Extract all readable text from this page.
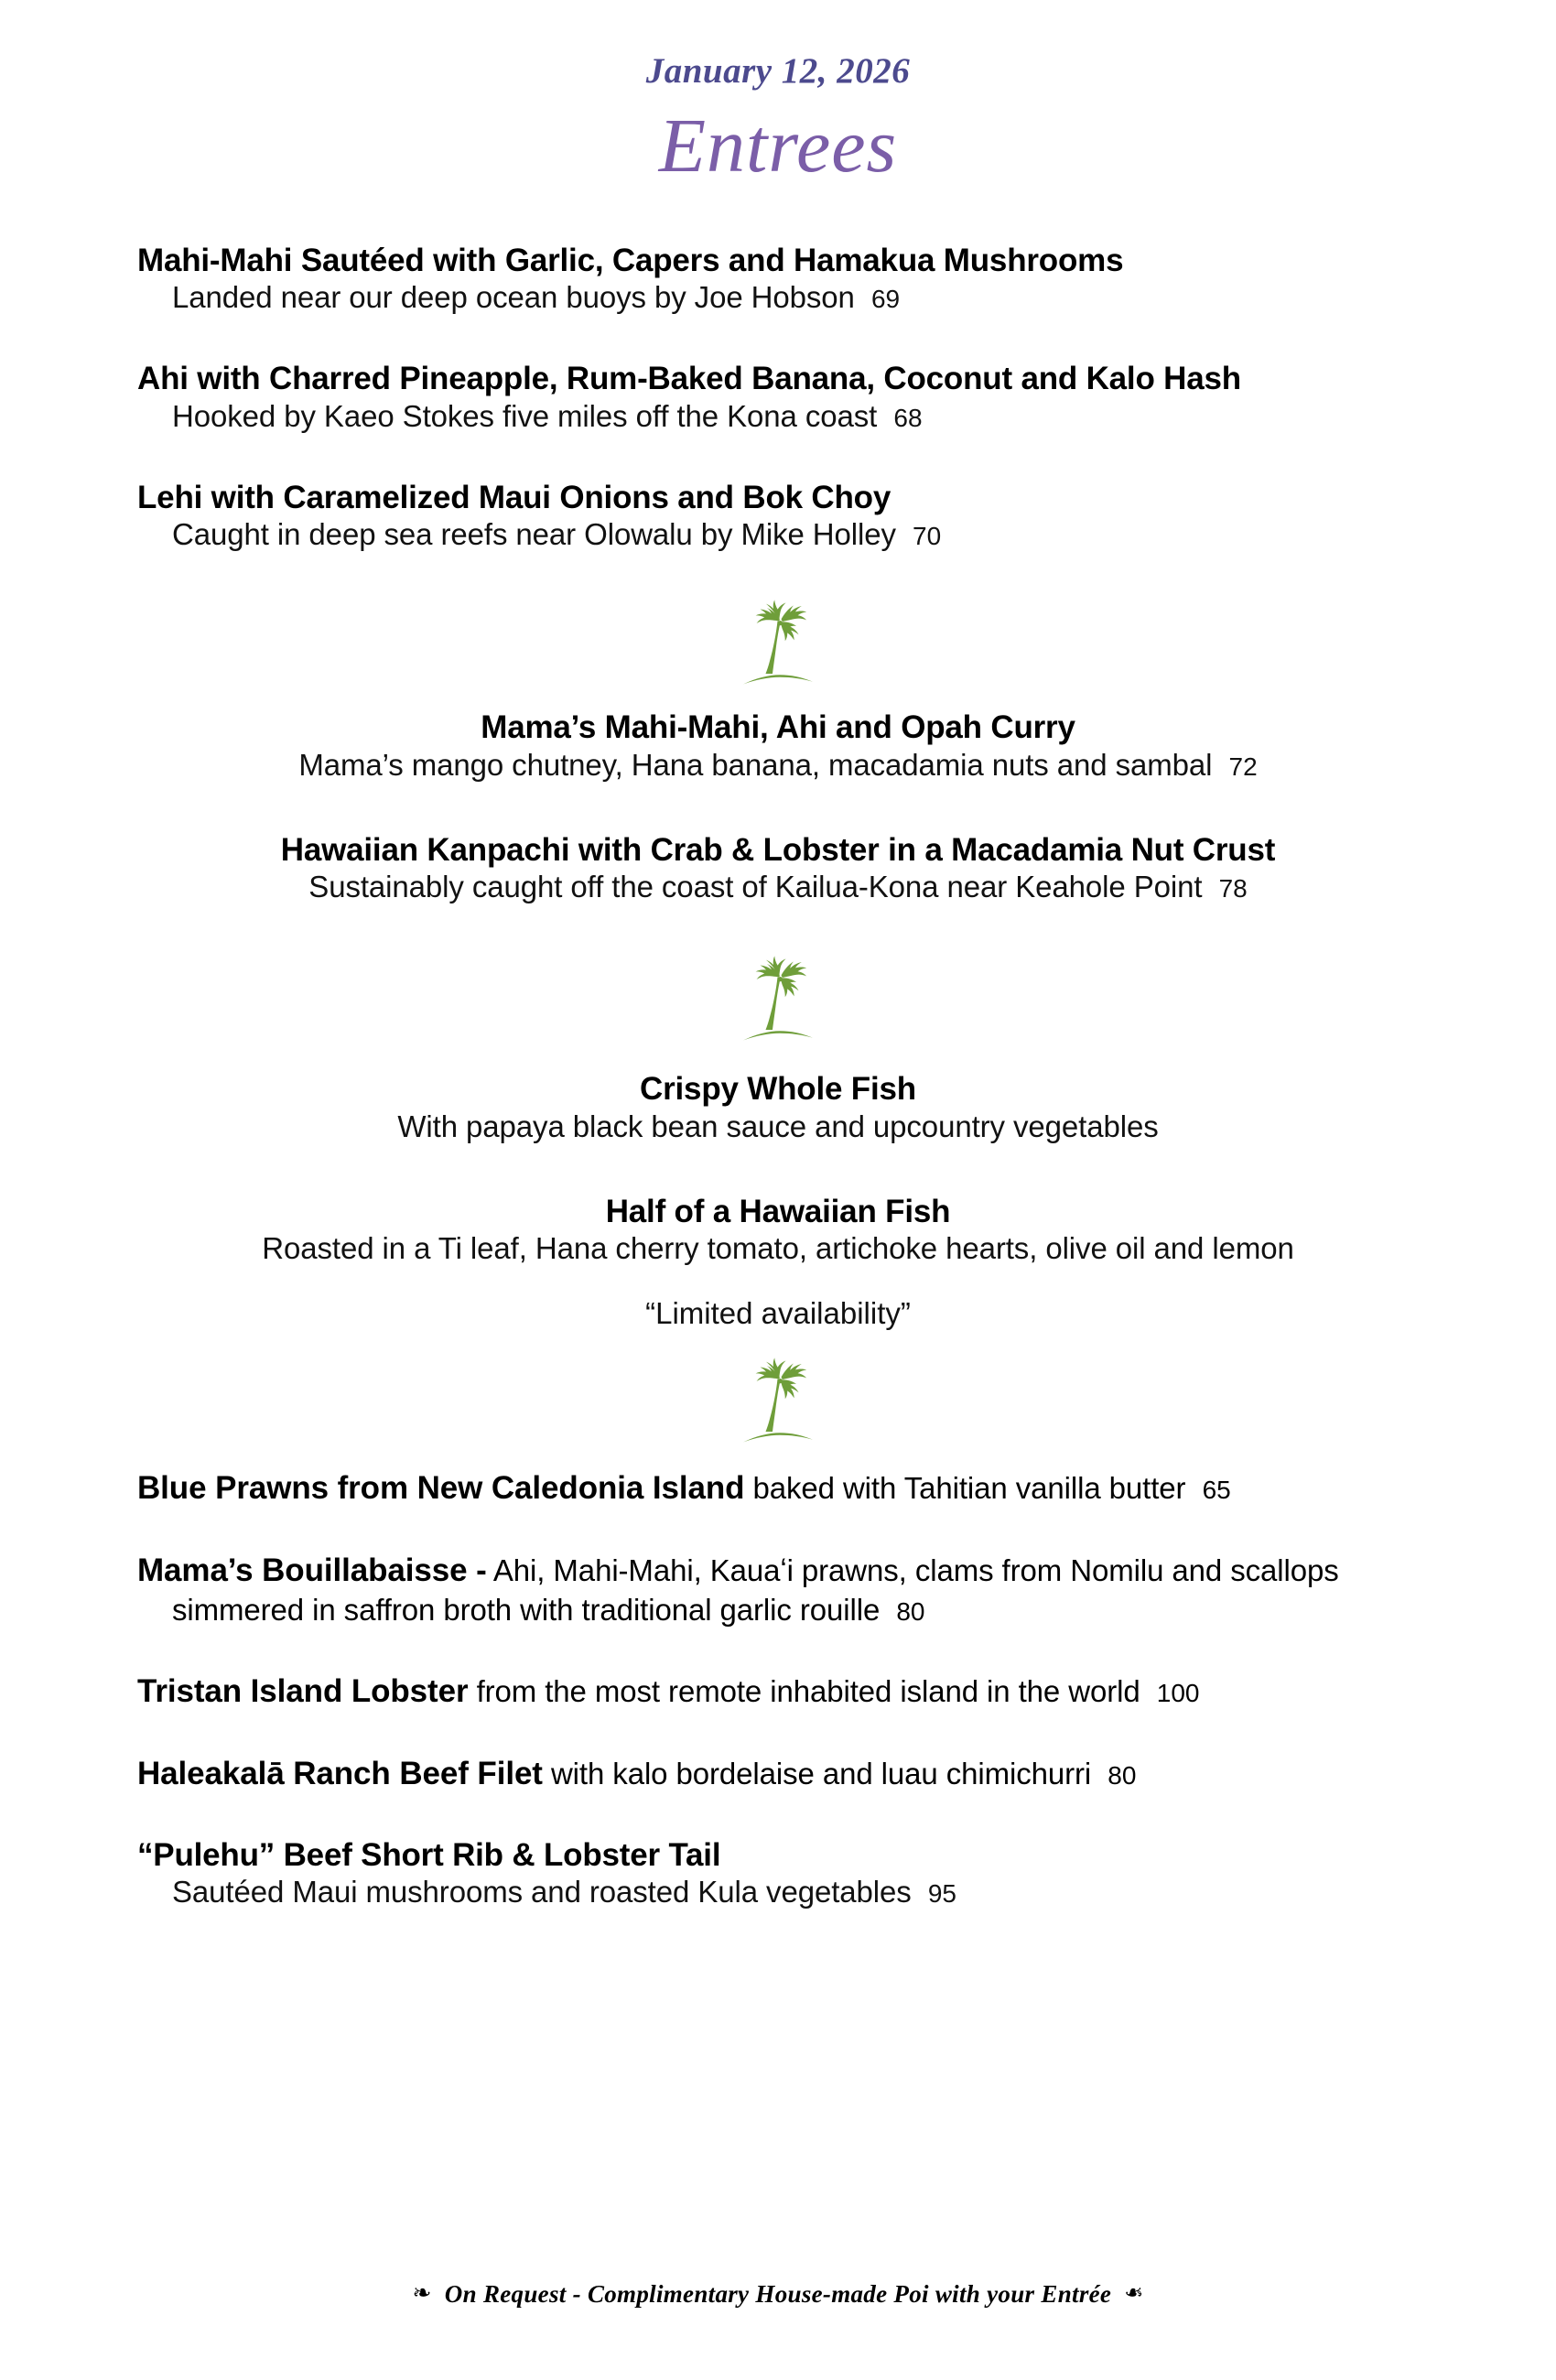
January 12, 2026
Entrees
Mahi-Mahi Sautéed with Garlic, Capers and Hamakua Mushrooms
Landed near our deep ocean buoys by Joe Hobson 69
Ahi with Charred Pineapple, Rum-Baked Banana, Coconut and Kalo Hash
Hooked by Kaeo Stokes five miles off the Kona coast 68
Lehi with Caramelized Maui Onions and Bok Choy
Caught in deep sea reefs near Olowalu by Mike Holley 70
Mama’s Mahi-Mahi, Ahi and Opah Curry
Mama’s mango chutney, Hana banana, macadamia nuts and sambal 72
Hawaiian Kanpachi with Crab & Lobster in a Macadamia Nut Crust
Sustainably caught off the coast of Kailua-Kona near Keahole Point 78
Crispy Whole Fish
With papaya black bean sauce and upcountry vegetables
Half of a Hawaiian Fish
Roasted in a Ti leaf, Hana cherry tomato, artichoke hearts, olive oil and lemon
“Limited availability”
Blue Prawns from New Caledonia Island baked with Tahitian vanilla butter 65
Mama’s Bouillabaisse - Ahi, Mahi-Mahi, Kauaʻi prawns, clams from Nomilu and scallops simmered in saffron broth with traditional garlic rouille 80
Tristan Island Lobster from the most remote inhabited island in the world 100
Haleakalā Ranch Beef Filet with kalo bordelaise and luau chimichurri 80
“Pulehu” Beef Short Rib & Lobster Tail
Sautéed Maui mushrooms and roasted Kula vegetables 95
❧ On Request - Complimentary House-made Poi with your Entrée ❧
